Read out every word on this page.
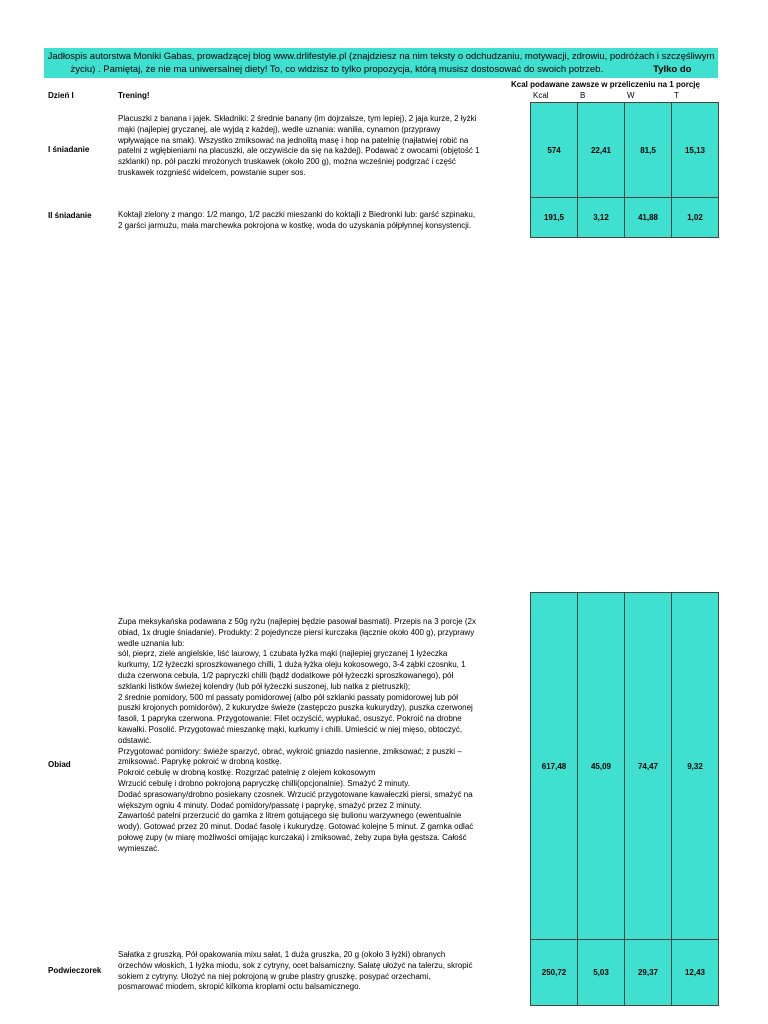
Jadłospis autorstwa Moniki Gabas, prowadzącej blog www.drlifestyle.pl (znajdziesz na nim teksty o odchudzaniu, motywacji, zdrowiu, podróżach i szczęśliwym
życiu) . Pamiętaj, że nie ma uniwersalnej diety! To, co widzisz to tylko propozycja, którą musisz dostosować do swoich potrzeb.	Tylko do
Dzień I	Trening!
Kcal podawane zawsze w przeliczeniu na 1 porcję
Kcal	B	W	T
I śniadanie

Placuszki z banana i jajek. Składniki: 2 średnie banany (im dojrzalsze, tym lepiej), 2 jaja kurze, 2 łyżki

mąki (najlepiej gryczanej, ale wyjdą z każdej), wedle uznania: wanilia, cynamon (przyprawy

wpływające na smak). Wszystko zmiksować na jednolitą masę i hop na patelnię (najłatwiej robić na

patelni z wgłębieniami na placuszki, ale oczywiście da się na każdej). Podawać z owocami (objętość 1

szklanki) np. pół paczki mrożonych truskawek (około 200 g), można wcześniej podgrzać i część

truskawek rozgnieść widelcem, powstanie super sos.

574	22,41	81,5	15,13
II śniadanie	Koktajl zielony z mango: 1/2 mango, 1/2 paczki mieszanki do koktajli z Biedronki lub: garść szpinaku,

2 garści jarmużu, mała marchewka pokrojona w kostkę, woda do uzyskania półpłynnej konsystencji.

191,5	3,12	41,88	1,02
Obiad

Zupa meksykańska podawana z 50g ryżu (najlepiej będzie pasował basmati). Przepis na 3 porcje (2x

obiad, 1x drugie śniadanie). Produkty: 2 pojedyncze piersi kurczaka (łącznie około 400 g), przyprawy

wedle uznania lub:

sól, pieprz, ziele angielskie, liść laurowy, 1 czubata łyżka mąki (najlepiej gryczanej 1 łyżeczka

kurkumy, 1/2 łyżeczki sproszkowanego chilli, 1 duża łyżka oleju kokosowego, 3-4 ząbki czosnku, 1

duża czerwona cebula, 1/2 papryczki chilli (bądź dodatkowe pół łyżeczki sproszkowanego), pół

szklanki listków świeżej kolendry (lub pół łyżeczki suszonej, lub natka z pietruszki);

2 średnie pomidory, 500 ml passaty pomidorowej (albo pół szklanki passaty pomidorowej lub pół

puszki krojonych pomidorów), 2 kukurydze świeże (zastępczo puszka kukurydzy), puszka czerwonej

fasoli, 1 papryka czerwona. Przygotowanie: Filet oczyścić, wypłukać, osuszyć. Pokroić na drobne

kawałki. Posolić. Przygotować mieszankę mąki, kurkumy i chilli. Umieścić w niej mięso, obtoczyć,

odstawić.

Przygotować pomidory: świeże sparzyć, obrać, wykroić gniazdo nasienne, zmiksować; z puszki –

zmiksować. Paprykę pokroić w drobną kostkę.

Pokroić cebulę w drobną kostkę. Rozgrzać patelnię z olejem kokosowym

Wrzucić cebulę i drobno pokrojoną papryczkę chilli(opcjonalnie). Smażyć 2 minuty.

Dodać sprasowany/drobno posiekany czosnek. Wrzucić przygotowane kawałeczki piersi, smażyć na

większym ogniu 4 minuty. Dodać pomidory/passatę i paprykę, smażyć przez 2 minuty.

Zawartość patelni przerzucić do garnka z litrem gotującego się bulionu warzywnego (ewentualnie

wody). Gotować przez 20 minut. Dodać fasolę i kukurydzę. Gotować kolejne 5 minut. Z garnka odlać

połowę zupy (w miarę możliwości omijając kurczaka) i zmiksować, żeby zupa była gęstsza. Całość

wymieszać.

617,48	45,09	74,47	9,32
Podwieczorek

Sałatka z gruszką. Pół opakowania mixu sałat, 1 duża gruszka, 20 g (około 3 łyżki) obranych

orzechów włoskich, 1 łyżka miodu, sok z cytryny, ocet balsamiczny. Sałatę ułożyć na talerzu, skropić

sokiem z cytryny. Ułożyć na niej pokrojoną w grube plastry gruszkę, posypać orzechami,

posmarować miodem, skropić kilkoma kroplami octu balsamicznego.

250,72	5,03	29,37	12,43
